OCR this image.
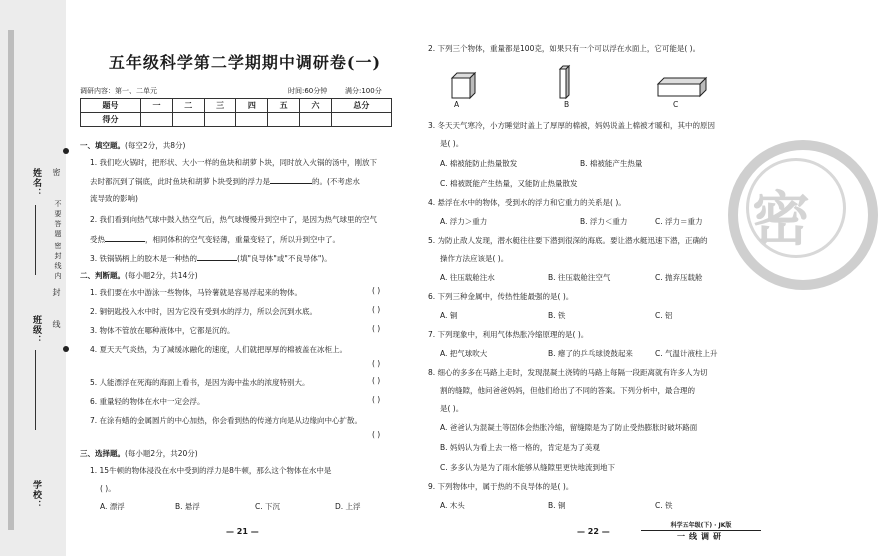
姓名：
班级：
学校：
密
不要答题
密封线内
封
线
五年级科学第二学期期中调研卷(一)
调研内容：第一、二单元	时间:60分钟	满分:100分
题号	一	二	三	四	五	六	总分
得分							
一、填空题。(每空2分，共8分)
1. 我们吃火锅时，把形状、大小一样的鱼块和胡萝卜块，同时放入火锅的汤中，刚放下
去时都沉到了锅底，此时鱼块和胡萝卜块受到的浮力是	的。(不考虑水
流导致的影响)
2. 我们看到向热气球中鼓入热空气后，热气球慢慢升到空中了，是因为热气球里的空气
受热	，相同体积的空气变轻薄，重量变轻了，所以升到空中了。
3. 铁锅锅柄上的胶木是一种热的	(填"良导体"或"不良导体")。
二、判断题。(每小题2分，共14分)
1. 我们要在水中游泳一些物体，马铃薯就是容易浮起来的物体。	( )
2. 铜钥匙投入水中时，因为它没有受到水的浮力，所以会沉到水底。	( )
3. 物体不管放在哪种液体中，它都是沉的。	( )
4. 夏天天气炎热，为了减缓冰融化的速度，人们就把厚厚的棉被盖在冰柜上。
( )
5. 人能漂浮在死海的海面上看书，是因为海中盐水的浓度特别大。	( )
6. 重量轻的物体在水中一定会浮。	( )
7. 在涂有蜡的金属圆片的中心加热，你会看到热的传递方向是从边缘向中心扩散。
( )
三、选择题。(每小题2分，共20分)
1. 15牛顿的物体浸没在水中受到的浮力是8牛顿，那么这个物体在水中是
( )。
A. 漂浮	B. 悬浮	C. 下沉	D. 上浮
— 21 —
2. 下列三个物体，重量都是100克，如果只有一个可以浮在水面上，它可能是( )。
A	B	C
3. 冬天天气寒冷，小方睡觉时盖上了厚厚的棉被，妈妈说盖上棉被才暖和，其中的原因
是( )。
A. 棉被能防止热量散发	B. 棉被能产生热量
C. 棉被既能产生热量，又能防止热量散发
4. 悬浮在水中的物体，受到水的浮力和它重力的关系是( )。
A. 浮力＞重力	B. 浮力＜重力	C. 浮力＝重力
5. 为防止敌人发现，潜水艇往往要下潜到很深的海底。要让潜水艇迅速下潜，正确的
操作方法应该是( )。
A. 往压载舱注水	B. 往压载舱注空气	C. 抛弃压载舱
6. 下列三种金属中，传热性能最强的是( )。
A. 铜	B. 铁	C. 铝
7. 下列现象中，利用气体热胀冷缩原理的是( )。
A. 把气球吹大	B. 瘪了的乒乓球烫鼓起来	C. 气温计液柱上升
8. 细心的多多在马路上走时，发现混凝土浇铸的马路上每隔一段距离就有许多人为切
割的缝隙，他问爸爸妈妈，但他们给出了不同的答案。下列分析中，最合理的
是( )。
A. 爸爸认为混凝土等固体会热胀冷缩，留缝隙是为了防止受热膨胀时破坏路面
B. 妈妈认为看上去一格一格的，肯定是为了美观
C. 多多认为是为了雨水能够从缝隙里更快地流到地下
9. 下列物体中，属于热的不良导体的是( )。
A. 木头	B. 铜	C. 铁
— 22 —
密
科学五年级(下) · JK版
一线调研
